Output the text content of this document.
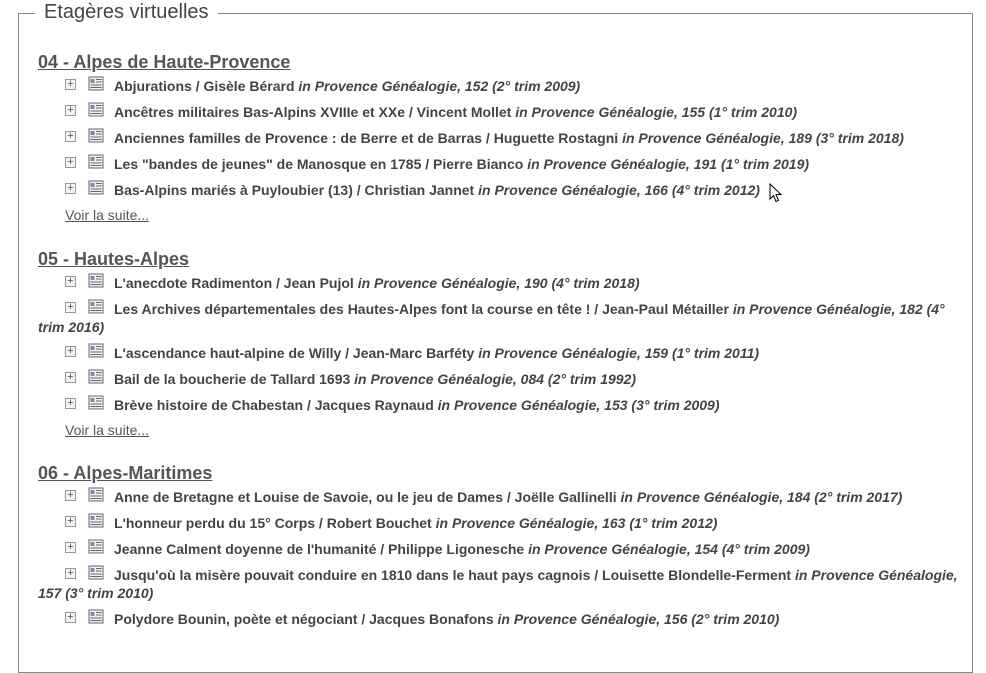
Etagères virtuelles
04 - Alpes de Haute-Provence
+	Abjurations / Gisèle Bérard in Provence Généalogie, 152 (2° trim 2009)
+	Ancêtres militaires Bas-Alpins XVIIIe et XXe / Vincent Mollet in Provence Généalogie, 155 (1° trim 2010)
+	Anciennes familles de Provence : de Berre et de Barras / Huguette Rostagni in Provence Généalogie, 189 (3° trim 2018)
+	Les "bandes de jeunes" de Manosque en 1785 / Pierre Bianco in Provence Généalogie, 191 (1° trim 2019)
+	Bas-Alpins mariés à Puyloubier (13) / Christian Jannet in Provence Généalogie, 166 (4° trim 2012)
Voir la suite...
05 - Hautes-Alpes
+	L'anecdote Radimenton / Jean Pujol in Provence Généalogie, 190 (4° trim 2018)
+	Les Archives départementales des Hautes-Alpes font la course en tête ! / Jean-Paul Métailler in Provence Généalogie, 182 (4° trim 2016)
+	L'ascendance haut-alpine de Willy / Jean-Marc Barféty in Provence Généalogie, 159 (1° trim 2011)
+	Bail de la boucherie de Tallard 1693 in Provence Généalogie, 084 (2° trim 1992)
+	Brève histoire de Chabestan / Jacques Raynaud in Provence Généalogie, 153 (3° trim 2009)
Voir la suite...
06 - Alpes-Maritimes
+	Anne de Bretagne et Louise de Savoie, ou le jeu de Dames / Joëlle Gallinelli in Provence Généalogie, 184 (2° trim 2017)
+	L'honneur perdu du 15° Corps / Robert Bouchet in Provence Généalogie, 163 (1° trim 2012)
+	Jeanne Calment doyenne de l'humanité / Philippe Ligonesche in Provence Généalogie, 154 (4° trim 2009)
+	Jusqu'où la misère pouvait conduire en 1810 dans le haut pays cagnois / Louisette Blondelle-Ferment in Provence Généalogie, 157 (3° trim 2010)
+	Polydore Bounin, poète et négociant / Jacques Bonafons in Provence Généalogie, 156 (2° trim 2010)
